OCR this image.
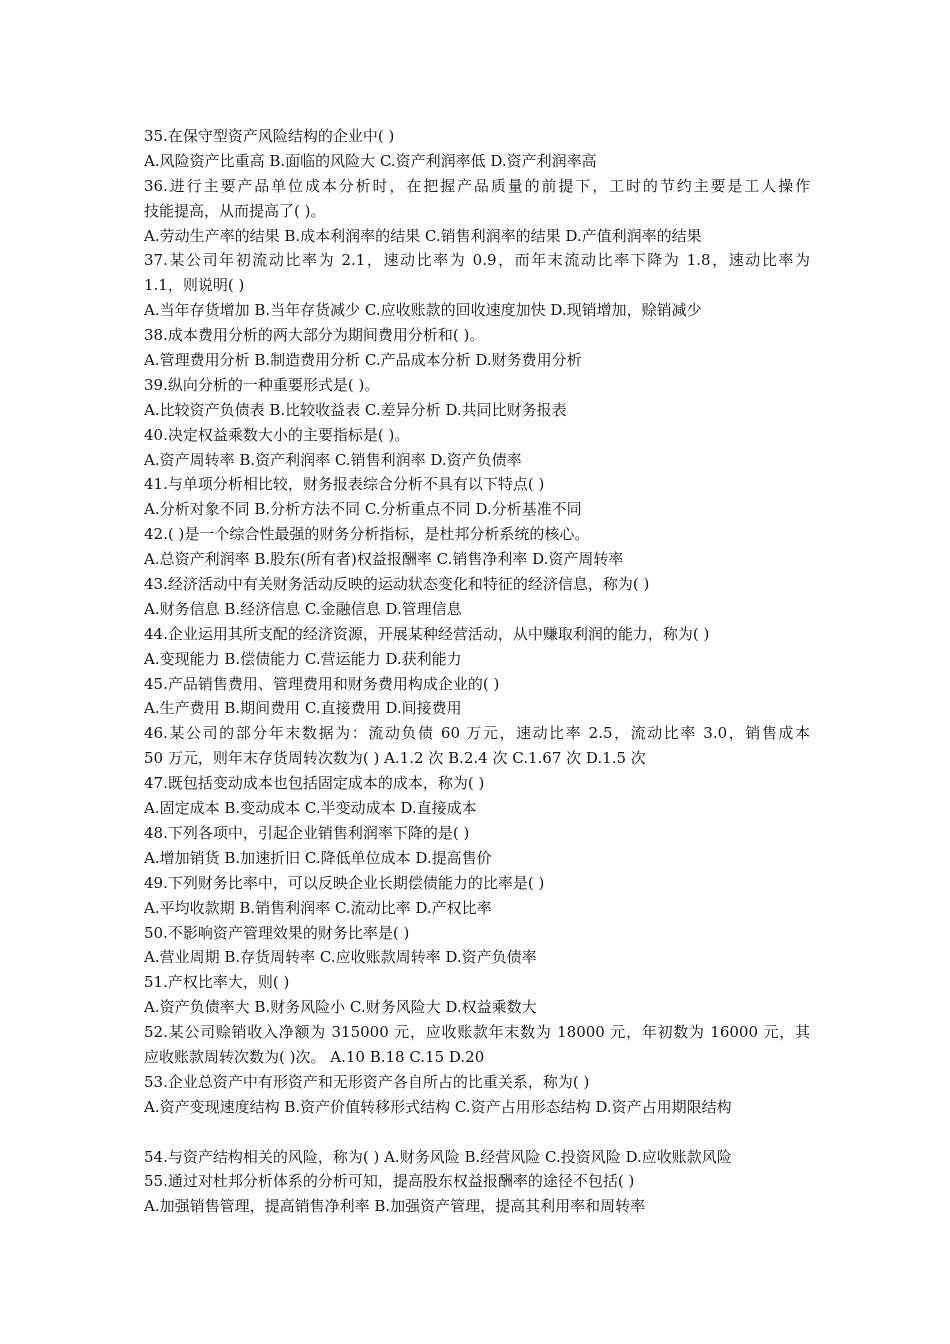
35.在保守型资产风险结构的企业中( )
A.风险资产比重高 B.面临的风险大 C.资产利润率低 D.资产利润率高
36.进行主要产品单位成本分析时，在把握产品质量的前提下，工时的节约主要是工人操作
技能提高，从而提高了( )。
A.劳动生产率的结果 B.成本利润率的结果 C.销售利润率的结果 D.产值利润率的结果
37.某公司年初流动比率为 2.1，速动比率为 0.9，而年末流动比率下降为 1.8，速动比率为
1.1，则说明( )
A.当年存货增加 B.当年存货减少 C.应收账款的回收速度加快 D.现销增加，赊销减少
38.成本费用分析的两大部分为期间费用分析和( )。
A.管理费用分析 B.制造费用分析 C.产品成本分析 D.财务费用分析
39.纵向分析的一种重要形式是( )。
A.比较资产负债表 B.比较收益表 C.差异分析 D.共同比财务报表
40.决定权益乘数大小的主要指标是( )。
A.资产周转率 B.资产利润率 C.销售利润率 D.资产负债率
41.与单项分析相比较，财务报表综合分析不具有以下特点( )
A.分析对象不同 B.分析方法不同 C.分析重点不同 D.分析基准不同
42.( )是一个综合性最强的财务分析指标，是杜邦分析系统的核心。
A.总资产利润率 B.股东(所有者)权益报酬率 C.销售净利率 D.资产周转率
43.经济活动中有关财务活动反映的运动状态变化和特征的经济信息，称为( )
A.财务信息 B.经济信息 C.金融信息 D.管理信息
44.企业运用其所支配的经济资源，开展某种经营活动，从中赚取利润的能力，称为( )
A.变现能力 B.偿债能力 C.营运能力 D.获利能力
45.产品销售费用、管理费用和财务费用构成企业的( )
A.生产费用 B.期间费用 C.直接费用 D.间接费用
46.某公司的部分年末数据为：流动负债 60 万元，速动比率 2.5，流动比率 3.0，销售成本
50 万元，则年末存货周转次数为( ) A.1.2 次 B.2.4 次 C.1.67 次 D.1.5 次
47.既包括变动成本也包括固定成本的成本，称为( )
A.固定成本 B.变动成本 C.半变动成本 D.直接成本
48.下列各项中，引起企业销售利润率下降的是( )
A.增加销货 B.加速折旧 C.降低单位成本 D.提高售价
49.下列财务比率中，可以反映企业长期偿债能力的比率是( )
A.平均收款期 B.销售利润率 C.流动比率 D.产权比率
50.不影响资产管理效果的财务比率是( )
A.营业周期 B.存货周转率 C.应收账款周转率 D.资产负债率
51.产权比率大，则( )
A.资产负债率大 B.财务风险小 C.财务风险大 D.权益乘数大
52.某公司赊销收入净额为 315000 元，应收账款年末数为 18000 元，年初数为 16000 元，其
应收账款周转次数为( )次。 A.10 B.18 C.15 D.20
53.企业总资产中有形资产和无形资产各自所占的比重关系，称为( )
A.资产变现速度结构 B.资产价值转移形式结构 C.资产占用形态结构 D.资产占用期限结构
54.与资产结构相关的风险，称为( ) A.财务风险 B.经营风险 C.投资风险 D.应收账款风险
55.通过对杜邦分析体系的分析可知，提高股东权益报酬率的途径不包括( )
A.加强销售管理，提高销售净利率 B.加强资产管理，提高其利用率和周转率
